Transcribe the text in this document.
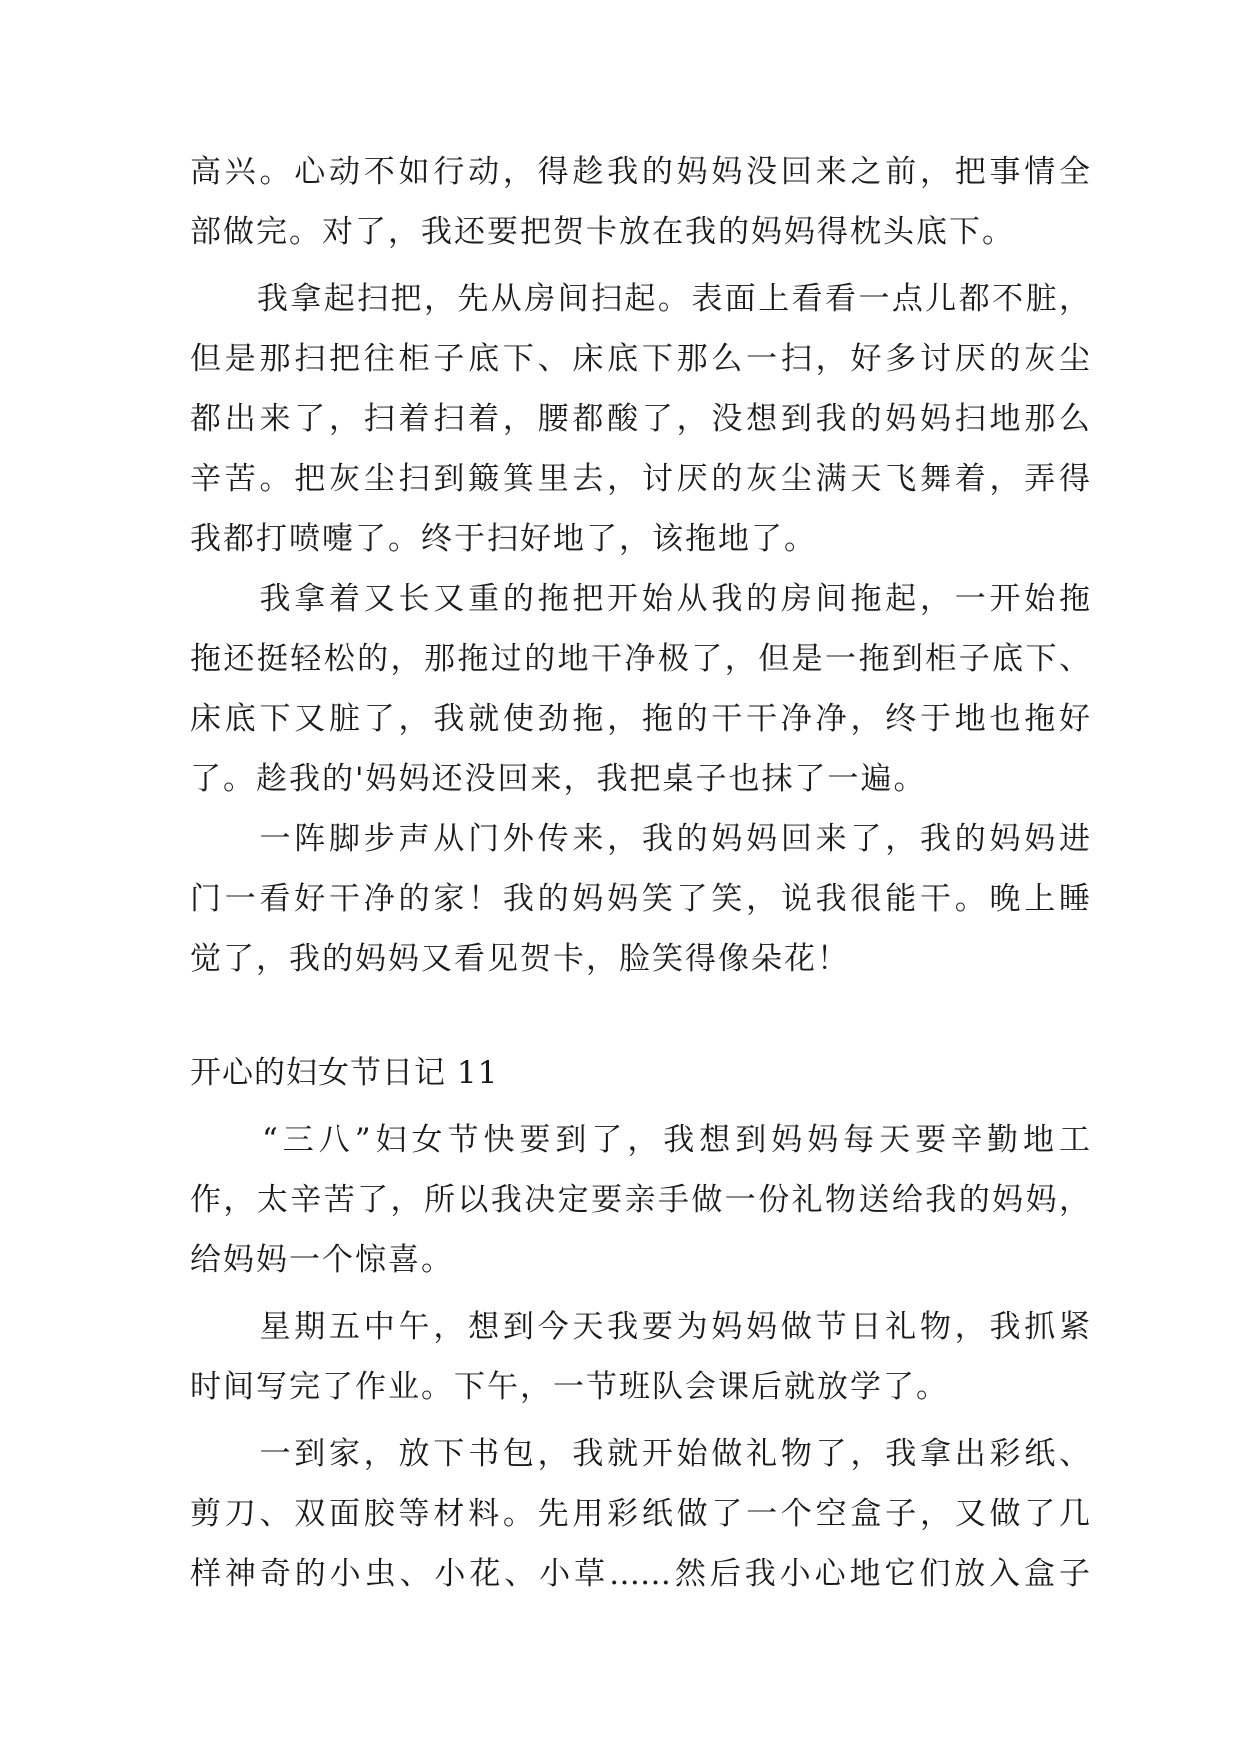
高兴。心动不如行动，得趁我的妈妈没回来之前，把事情全
部做完。对了，我还要把贺卡放在我的妈妈得枕头底下。
　　我拿起扫把，先从房间扫起。表面上看看一点儿都不脏，
但是那扫把往柜子底下、床底下那么一扫，好多讨厌的灰尘
都出来了，扫着扫着，腰都酸了，没想到我的妈妈扫地那么
辛苦。把灰尘扫到簸箕里去，讨厌的灰尘满天飞舞着，弄得
我都打喷嚏了。终于扫好地了，该拖地了。
　　我拿着又长又重的拖把开始从我的房间拖起，一开始拖
拖还挺轻松的，那拖过的地干净极了，但是一拖到柜子底下、
床底下又脏了，我就使劲拖，拖的干干净净，终于地也拖好
了。趁我的'妈妈还没回来，我把桌子也抹了一遍。
　　一阵脚步声从门外传来，我的妈妈回来了，我的妈妈进
门一看好干净的家！我的妈妈笑了笑，说我很能干。晚上睡
觉了，我的妈妈又看见贺卡，脸笑得像朵花！
开心的妇女节日记 11
　　“三八”妇女节快要到了，我想到妈妈每天要辛勤地工
作，太辛苦了，所以我决定要亲手做一份礼物送给我的妈妈，
给妈妈一个惊喜。
　　星期五中午，想到今天我要为妈妈做节日礼物，我抓紧
时间写完了作业。下午，一节班队会课后就放学了。
　　一到家，放下书包，我就开始做礼物了，我拿出彩纸、
剪刀、双面胶等材料。先用彩纸做了一个空盒子，又做了几
样神奇的小虫、小花、小草……然后我小心地它们放入盒子
